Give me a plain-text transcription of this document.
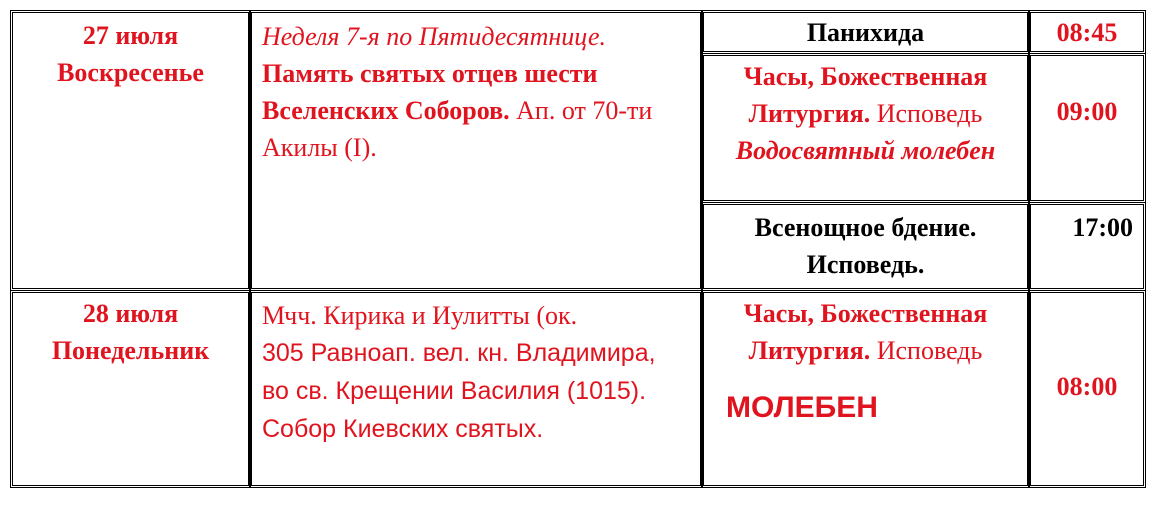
27 июля
Воскресенье
Неделя 7-я по Пятидесятнице.
Память святых отцев шести Вселенских Соборов. Ап. от 70-ти Акилы (I).
Панихида	08:45
Часы, Божественная Литургия. Исповедь
Водосвятный молебен
09:00
Всенощное бдение. Исповедь.
17:00
28 июля
Понедельник
Мчч. Кирика и Иулитты (ок.
305 Равноап. вел. кн. Владимира, во св. Крещении Василия (1015). Собор Киевских святых.
Часы, Божественная Литургия. Исповедь
МОЛЕБЕН
08:00
